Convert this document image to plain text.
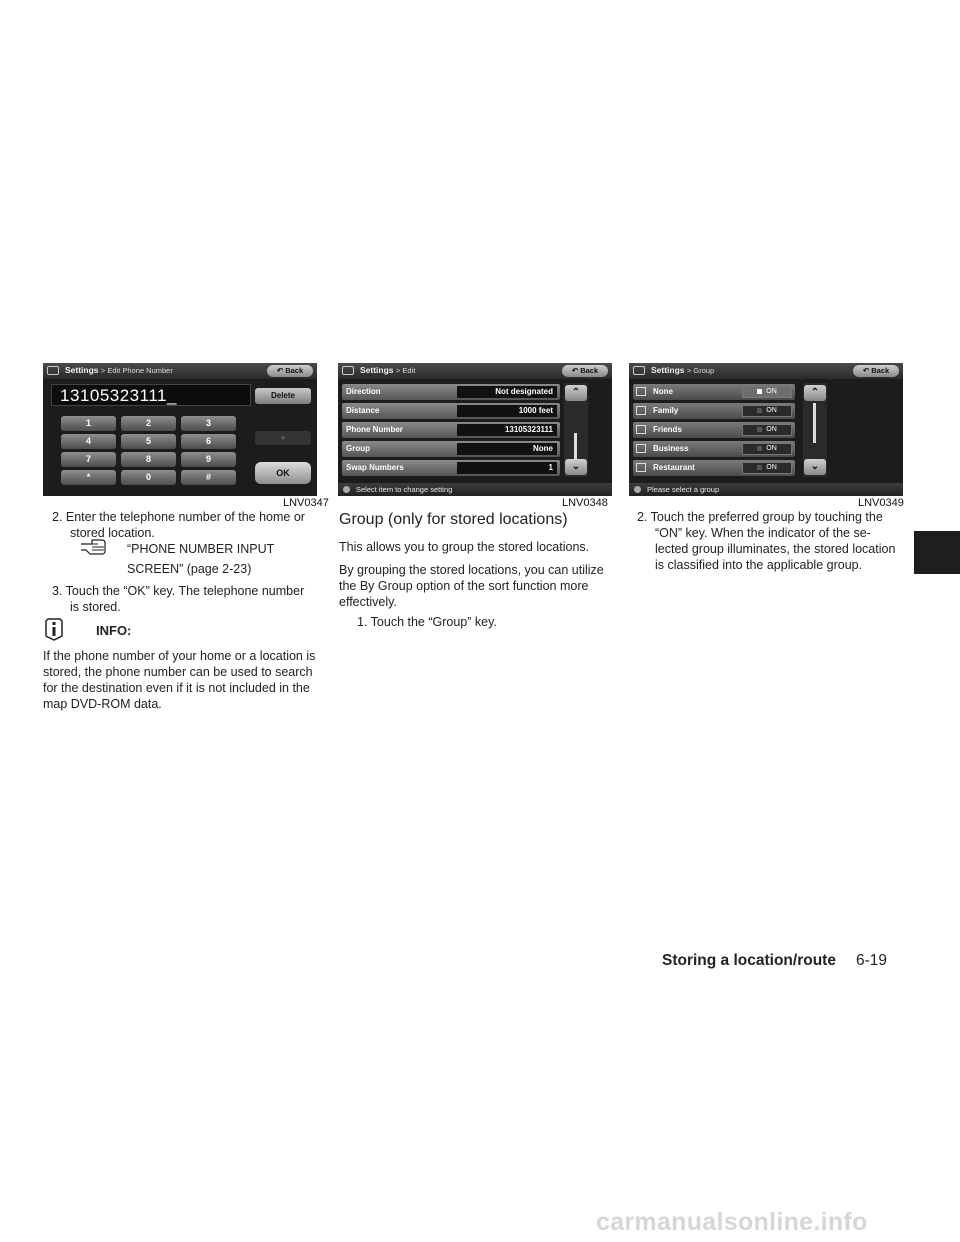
Settings > Edit Phone Number	↶ Back
13105323111_	Delete
1	2	3
4	5	6
7	8	9
*	0	#
+
OK
LNV0347
Settings > Edit	↶ Back
Direction	Not designated
Distance	1000 feet
Phone Number	13105323111
Group	None
Swap Numbers	1
⌃
⌄
Select item to change setting
LNV0348
Settings > Group	↶ Back
None	ON
Family	ON
Friends	ON
Business	ON
Restaurant	ON
⌃
⌄
Please select a group
LNV0349
2. Enter the telephone number of the home or
stored location.
“PHONE NUMBER INPUT
SCREEN” (page 2-23)
3. Touch the “OK” key. The telephone number
is stored.
INFO:
If the phone number of your home or a location is
stored, the phone number can be used to search
for the destination even if it is not included in the
map DVD-ROM data.
Group (only for stored locations)
This allows you to group the stored locations.
By grouping the stored locations, you can utilize
the By Group option of the sort function more
effectively.
1. Touch the “Group” key.
2. Touch the preferred group by touching the
“ON” key. When the indicator of the se-
lected group illuminates, the stored location
is classified into the applicable group.
Storing a location/route 6-19
carmanualsonline.info
